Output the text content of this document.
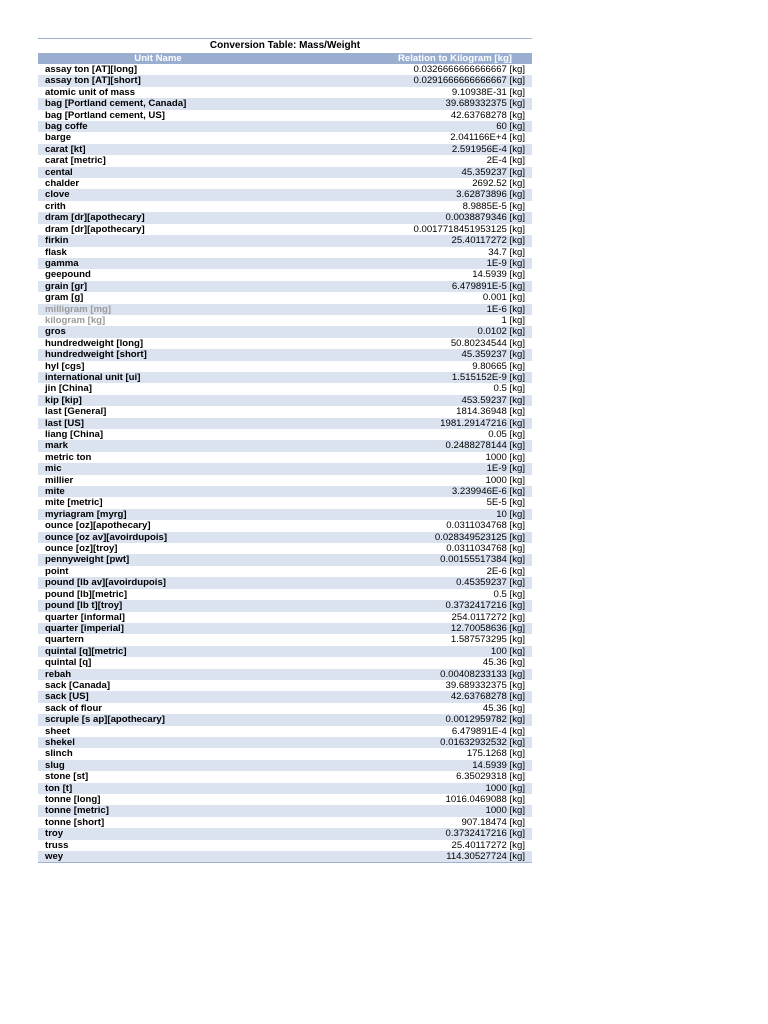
Conversion Table: Mass/Weight
Unit Name	Relation to Kilogram [kg]
assay ton [AT][long]	0.0326666666666667 [kg]
assay ton [AT][short]	0.0291666666666667 [kg]
atomic unit of mass	9.10938E-31 [kg]
bag [Portland cement, Canada]	39.689332375 [kg]
bag [Portland cement, US]	42.63768278 [kg]
bag coffe	60 [kg]
barge	2.041166E+4 [kg]
carat [kt]	2.591956E-4 [kg]
carat [metric]	2E-4 [kg]
cental	45.359237 [kg]
chalder	2692.52 [kg]
clove	3.62873896 [kg]
crith	8.9885E-5 [kg]
dram [dr][apothecary]	0.0038879346 [kg]
dram [dr][apothecary]	0.0017718451953125 [kg]
firkin	25.40117272 [kg]
flask	34.7 [kg]
gamma	1E-9 [kg]
geepound	14.5939 [kg]
grain [gr]	6.479891E-5 [kg]
gram [g]	0.001 [kg]
milligram [mg]	1E-6 [kg]
kilogram [kg]	1 [kg]
gros	0.0102 [kg]
hundredweight [long]	50.80234544 [kg]
hundredweight [short]	45.359237 [kg]
hyl [cgs]	9.80665 [kg]
international unit [ui]	1.515152E-9 [kg]
jin [China]	0.5 [kg]
kip [kip]	453.59237 [kg]
last [General]	1814.36948 [kg]
last [US]	1981.29147216 [kg]
liang [China]	0.05 [kg]
mark	0.2488278144 [kg]
metric ton	1000 [kg]
mic	1E-9 [kg]
millier	1000 [kg]
mite	3.239946E-6 [kg]
mite [metric]	5E-5 [kg]
myriagram [myrg]	10 [kg]
ounce [oz][apothecary]	0.0311034768 [kg]
ounce [oz av][avoirdupois]	0.028349523125 [kg]
ounce [oz][troy]	0.0311034768 [kg]
pennyweight [pwt]	0.00155517384 [kg]
point	2E-6 [kg]
pound [lb av][avoirdupois]	0.45359237 [kg]
pound [lb][metric]	0.5 [kg]
pound [lb t][troy]	0.3732417216 [kg]
quarter [informal]	254.0117272 [kg]
quarter [imperial]	12.70058636 [kg]
quartern	1.587573295 [kg]
quintal [q][metric]	100 [kg]
quintal [q]	45.36 [kg]
rebah	0.00408233133 [kg]
sack [Canada]	39.689332375 [kg]
sack [US]	42.63768278 [kg]
sack of flour	45.36 [kg]
scruple [s ap][apothecary]	0.0012959782 [kg]
sheet	6.479891E-4 [kg]
shekel	0.01632932532 [kg]
slinch	175.1268 [kg]
slug	14.5939 [kg]
stone [st]	6.35029318 [kg]
ton [t]	1000 [kg]
tonne [long]	1016.0469088 [kg]
tonne [metric]	1000 [kg]
tonne [short]	907.18474 [kg]
troy	0.3732417216 [kg]
truss	25.40117272 [kg]
wey	114.30527724 [kg]
